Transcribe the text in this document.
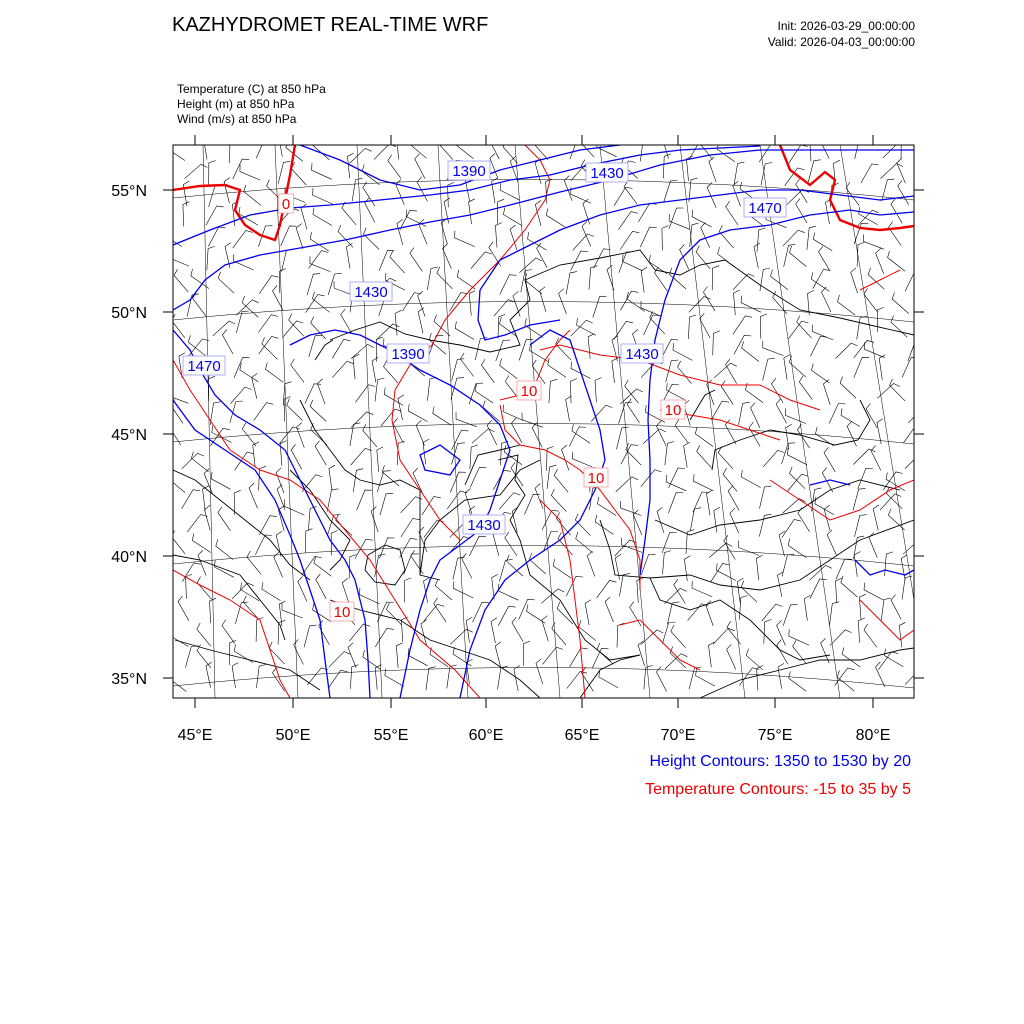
KAZHYDROMET REAL-TIME WRF	Init: 2026-03-29_00:00:00
Valid: 2026-04-03_00:00:00
Temperature (C) at 850 hPa
Height (m) at 850 hPa
Wind (m/s) at 850 hPa
1390	1430
1470
1430
1390	1430
1470
1430
0
10
10
10
10
55°N
50°N
45°N
40°N
35°N
45°E	50°E	55°E	60°E	65°E	70°E	75°E	80°E
Height Contours: 1350 to 1530 by 20
Temperature Contours: -15 to 35 by 5
